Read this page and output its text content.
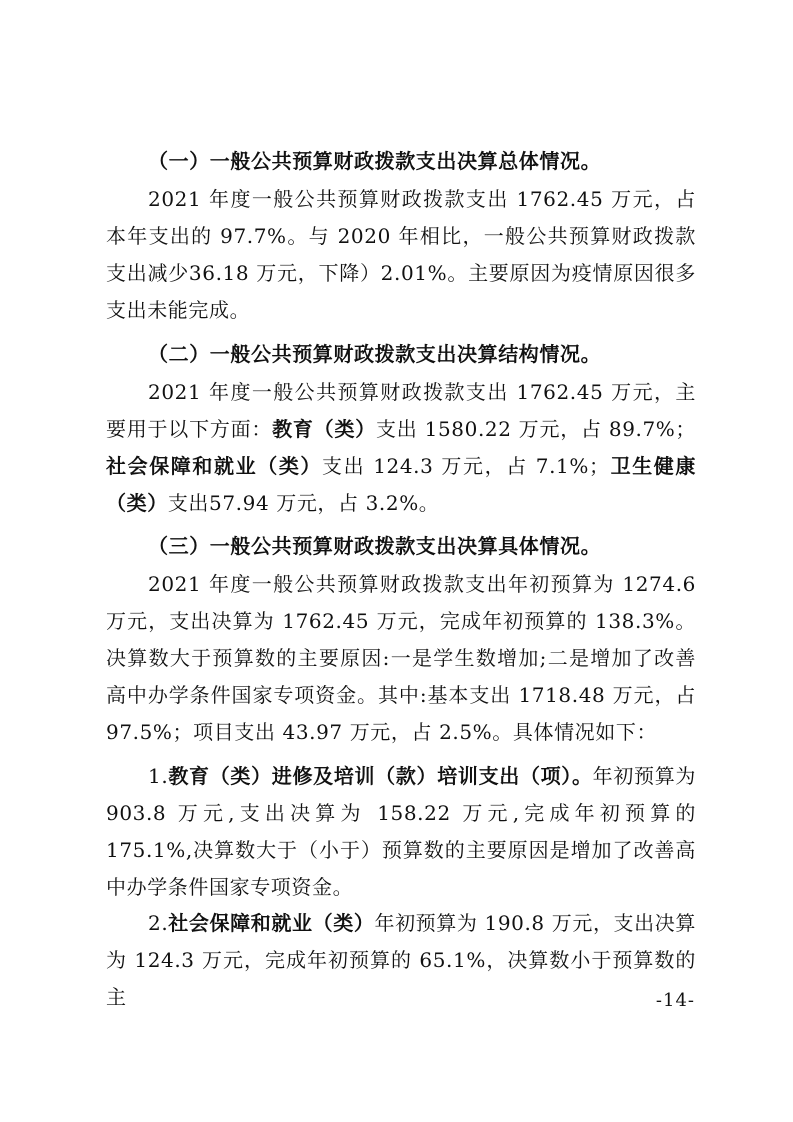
（一）一般公共预算财政拨款支出决算总体情况。
2021 年度一般公共预算财政拨款支出 1762.45 万元，占本年支出的 97.7%。与 2020 年相比，一般公共预算财政拨款支出减少36.18 万元，下降）2.01%。主要原因为疫情原因很多支出未能完成。
（二）一般公共预算财政拨款支出决算结构情况。
2021 年度一般公共预算财政拨款支出 1762.45 万元，主要用于以下方面：教育（类）支出 1580.22 万元，占 89.7%；社会保障和就业（类）支出 124.3 万元，占 7.1%；卫生健康（类）支出57.94 万元，占 3.2%。
（三）一般公共预算财政拨款支出决算具体情况。
2021 年度一般公共预算财政拨款支出年初预算为 1274.6 万元，支出决算为 1762.45 万元，完成年初预算的 138.3%。决算数大于预算数的主要原因:一是学生数增加;二是增加了改善高中办学条件国家专项资金。其中:基本支出 1718.48 万元，占 97.5%；项目支出 43.97 万元，占 2.5%。具体情况如下：
1.教育（类）进修及培训（款）培训支出（项）。年初预算为 903.8 万元,支出决算为 158.22 万元,完成年初预算的 175.1%,决算数大于（小于）预算数的主要原因是增加了改善高中办学条件国家专项资金。
2.社会保障和就业（类）年初预算为 190.8 万元，支出决算为 124.3 万元，完成年初预算的 65.1%，决算数小于预算数的主	-14-
